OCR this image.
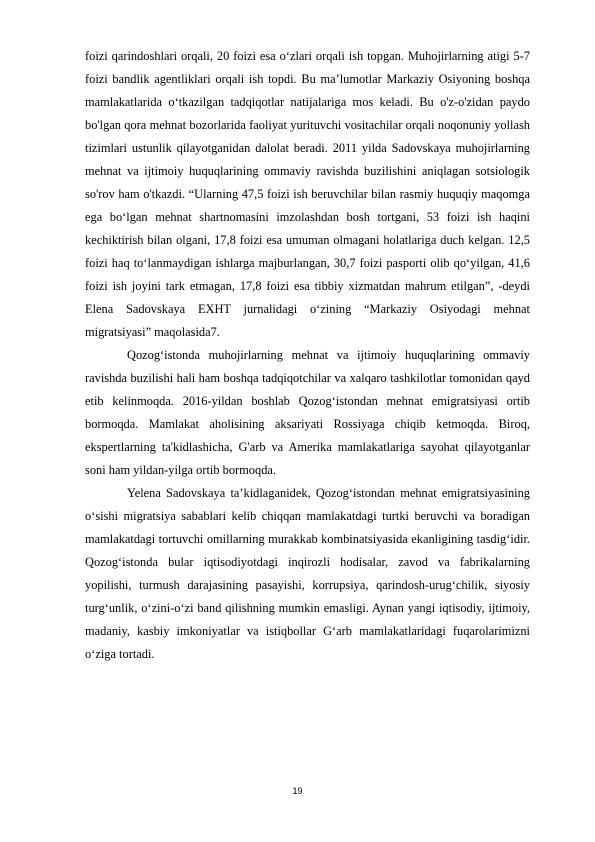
foizi qarindoshlari orqali, 20 foizi esa o‘zlari orqali ish topgan. Muhojirlarning atigi 5-7 foizi bandlik agentliklari orqali ish topdi. Bu ma’lumotlar Markaziy Osiyoning boshqa mamlakatlarida o‘tkazilgan tadqiqotlar natijalariga mos keladi. Bu o'z-o'zidan paydo bo'lgan qora mehnat bozorlarida faoliyat yurituvchi vositachilar orqali noqonuniy yollash tizimlari ustunlik qilayotganidan dalolat beradi. 2011 yilda Sadovskaya muhojirlarning mehnat va ijtimoiy huquqlarining ommaviy ravishda buzilishini aniqlagan sotsiologik so'rov ham o'tkazdi. “Ularning 47,5 foizi ish beruvchilar bilan rasmiy huquqiy maqomga ega bo‘lgan mehnat shartnomasini imzolashdan bosh tortgani, 53 foizi ish haqini kechiktirish bilan olgani, 17,8 foizi esa umuman olmagani holatlariga duch kelgan. 12,5 foizi haq to‘lanmaydigan ishlarga majburlangan, 30,7 foizi pasporti olib qo‘yilgan, 41,6 foizi ish joyini tark etmagan, 17,8 foizi esa tibbiy xizmatdan mahrum etilgan”, -deydi Elena Sadovskaya EXHT jurnalidagi o‘zining “Markaziy Osiyodagi mehnat migratsiyasi” maqolasida7.

Qozog‘istonda muhojirlarning mehnat va ijtimoiy huquqlarining ommaviy ravishda buzilishi hali ham boshqa tadqiqotchilar va xalqaro tashkilotlar tomonidan qayd etib kelinmoqda. 2016-yildan boshlab Qozog‘istondan mehnat emigratsiyasi ortib bormoqda. Mamlakat aholisining aksariyati Rossiyaga chiqib ketmoqda. Biroq, ekspertlarning ta'kidlashicha, G'arb va Amerika mamlakatlariga sayohat qilayotganlar soni ham yildan-yilga ortib bormoqda.

Yelena Sadovskaya ta’kidlaganidek, Qozog‘istondan mehnat emigratsiyasining o‘sishi migratsiya sabablari kelib chiqqan mamlakatdagi turtki beruvchi va boradigan mamlakatdagi tortuvchi omillarning murakkab kombinatsiyasida ekanligining tasdig‘idir. Qozog‘istonda bular iqtisodiyotdagi inqirozli hodisalar, zavod va fabrikalarning yopilishi, turmush darajasining pasayishi, korrupsiya, qarindosh-urug‘chilik, siyosiy turg‘unlik, o‘zini-o‘zi band qilishning mumkin emasligi. Aynan yangi iqtisodiy, ijtimoiy, madaniy, kasbiy imkoniyatlar va istiqbollar G‘arb mamlakatlaridagi fuqarolarimizni o‘ziga tortadi.

19
